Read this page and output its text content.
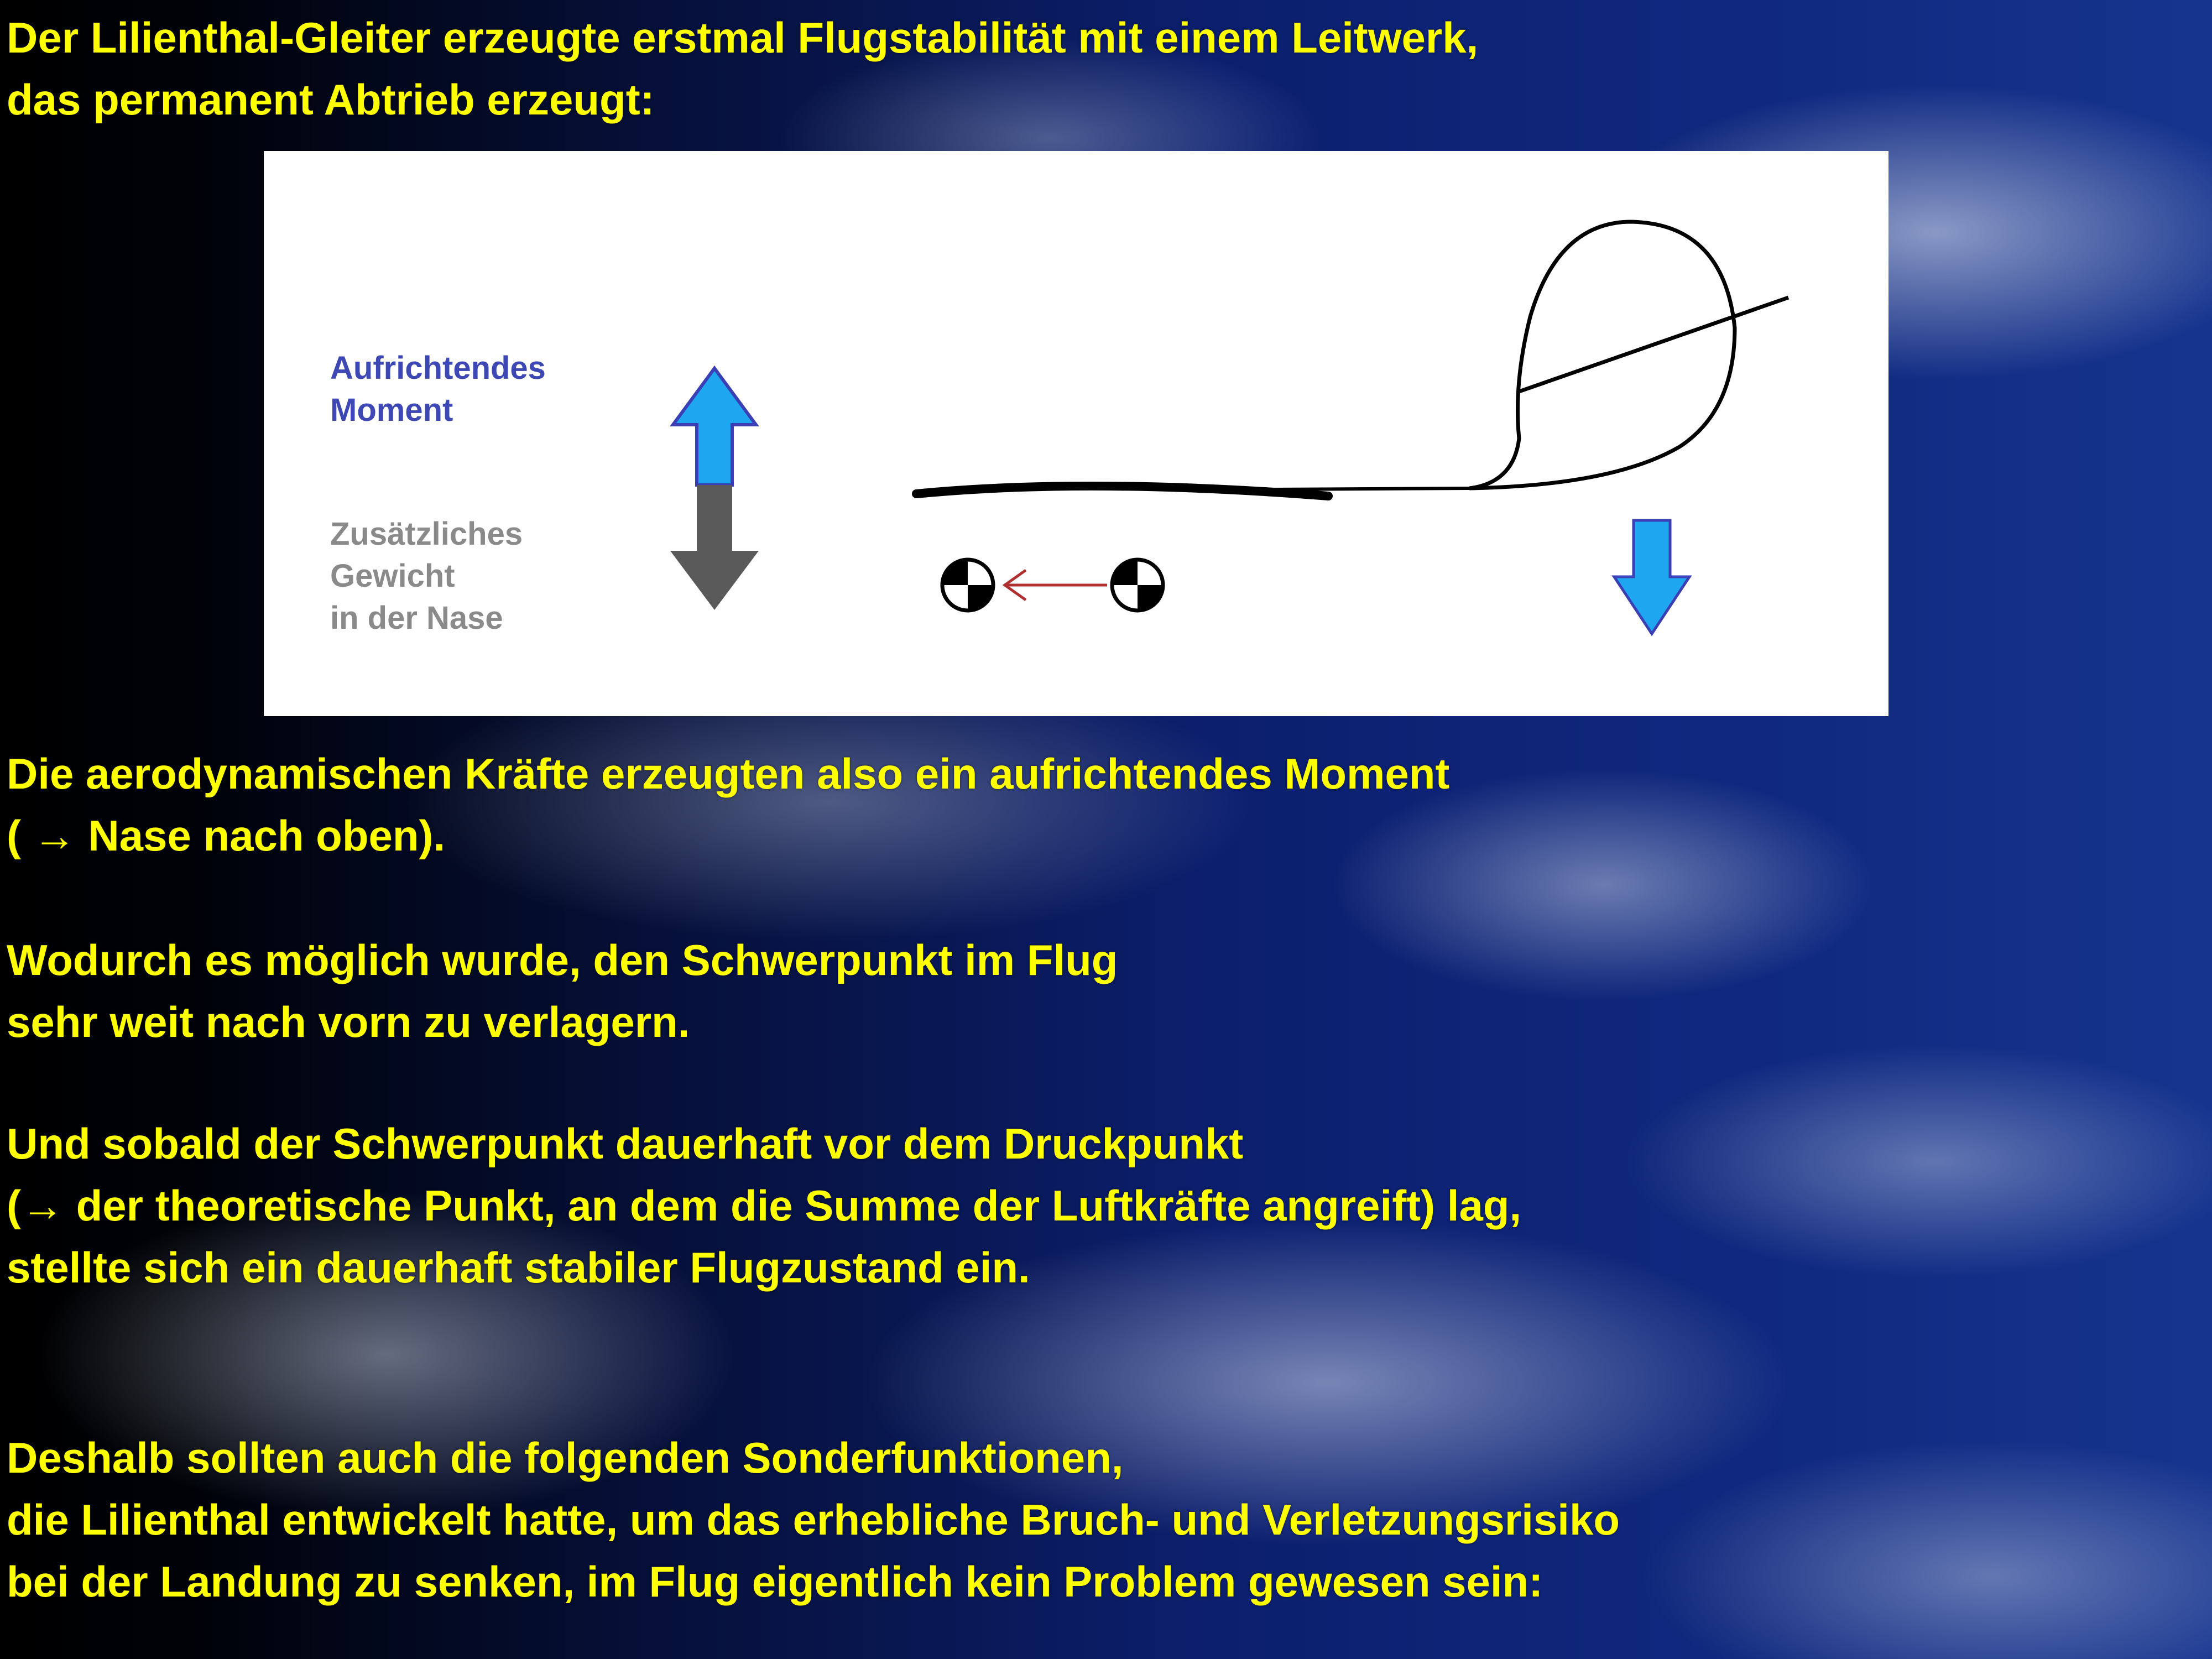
Der Lilienthal-Gleiter erzeugte erstmal Flugstabilität mit einem Leitwerk,
das permanent Abtrieb erzeugt:

Aufrichtendes
Moment
Zusätzliches
Gewicht
in der Nase

Die aerodynamischen Kräfte erzeugten also ein aufrichtendes Moment
( → Nase nach oben).

Wodurch es möglich wurde, den Schwerpunkt im Flug
sehr weit nach vorn zu verlagern.

Und sobald der Schwerpunkt dauerhaft vor dem Druckpunkt
(→ der theoretische Punkt, an dem die Summe der Luftkräfte angreift) lag,
stellte sich ein dauerhaft stabiler Flugzustand ein.

Deshalb sollten auch die folgenden Sonderfunktionen,
die Lilienthal entwickelt hatte, um das erhebliche Bruch- und Verletzungsrisiko
bei der Landung zu senken, im Flug eigentlich kein Problem gewesen sein:
